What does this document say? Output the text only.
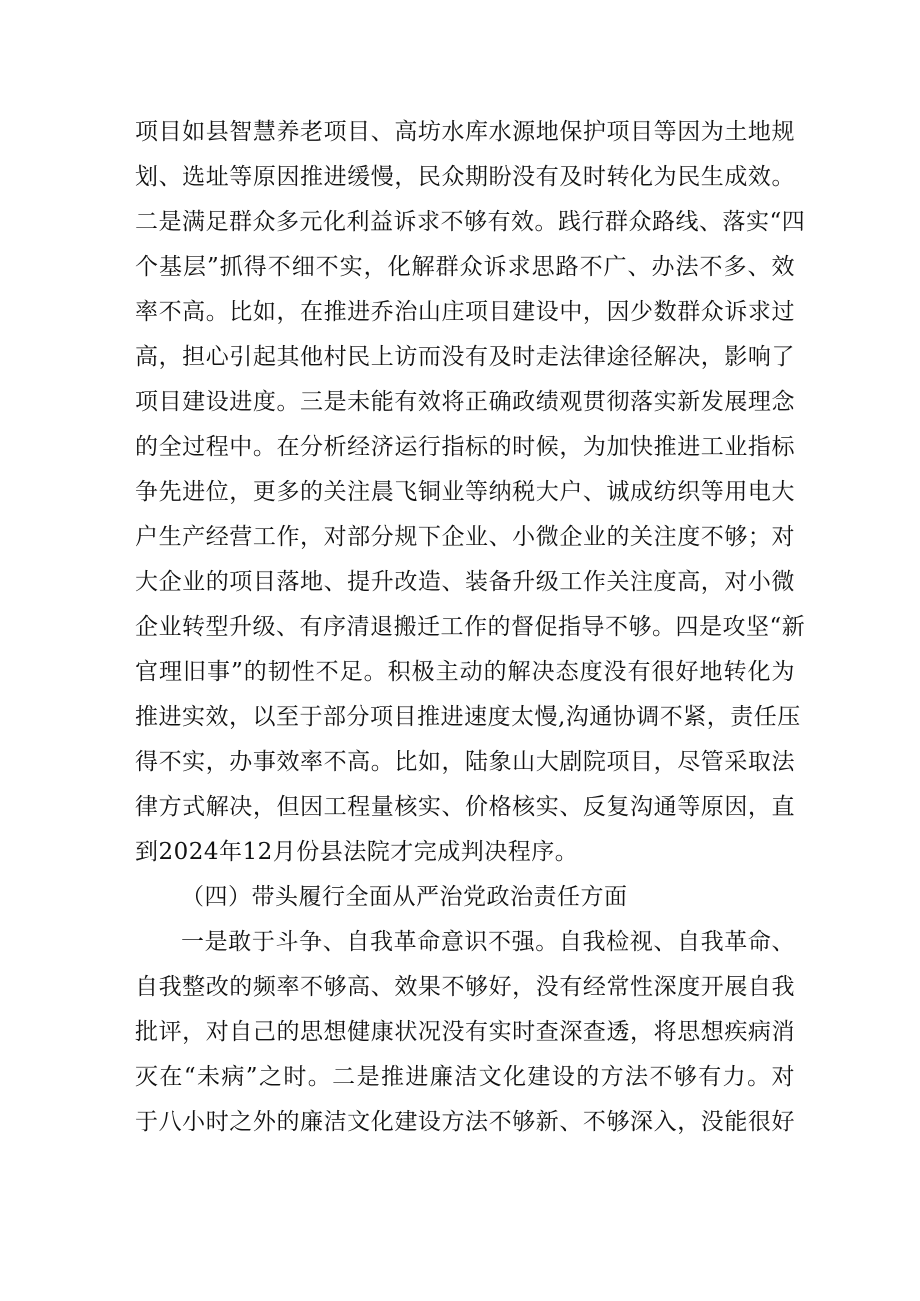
项目如县智慧养老项目、高坊水库水源地保护项目等因为土地规
划、选址等原因推进缓慢，民众期盼没有及时转化为民生成效。
二是满足群众多元化利益诉求不够有效。践行群众路线、落实“四
个基层”抓得不细不实，化解群众诉求思路不广、办法不多、效
率不高。比如，在推进乔治山庄项目建设中，因少数群众诉求过
高，担心引起其他村民上访而没有及时走法律途径解决，影响了
项目建设进度。三是未能有效将正确政绩观贯彻落实新发展理念
的全过程中。在分析经济运行指标的时候，为加快推进工业指标
争先进位，更多的关注晨飞铜业等纳税大户、诚成纺织等用电大
户生产经营工作，对部分规下企业、小微企业的关注度不够；对
大企业的项目落地、提升改造、装备升级工作关注度高，对小微
企业转型升级、有序清退搬迁工作的督促指导不够。四是攻坚“新
官理旧事”的韧性不足。积极主动的解决态度没有很好地转化为
推进实效，以至于部分项目推进速度太慢,沟通协调不紧，责任压
得不实，办事效率不高。比如，陆象山大剧院项目，尽管采取法
律方式解决，但因工程量核实、价格核实、反复沟通等原因，直
到2024年12月份县法院才完成判决程序。
（四）带头履行全面从严治党政治责任方面
一是敢于斗争、自我革命意识不强。自我检视、自我革命、
自我整改的频率不够高、效果不够好，没有经常性深度开展自我
批评，对自己的思想健康状况没有实时查深查透，将思想疾病消
灭在“未病”之时。二是推进廉洁文化建设的方法不够有力。对
于八小时之外的廉洁文化建设方法不够新、不够深入，没能很好
